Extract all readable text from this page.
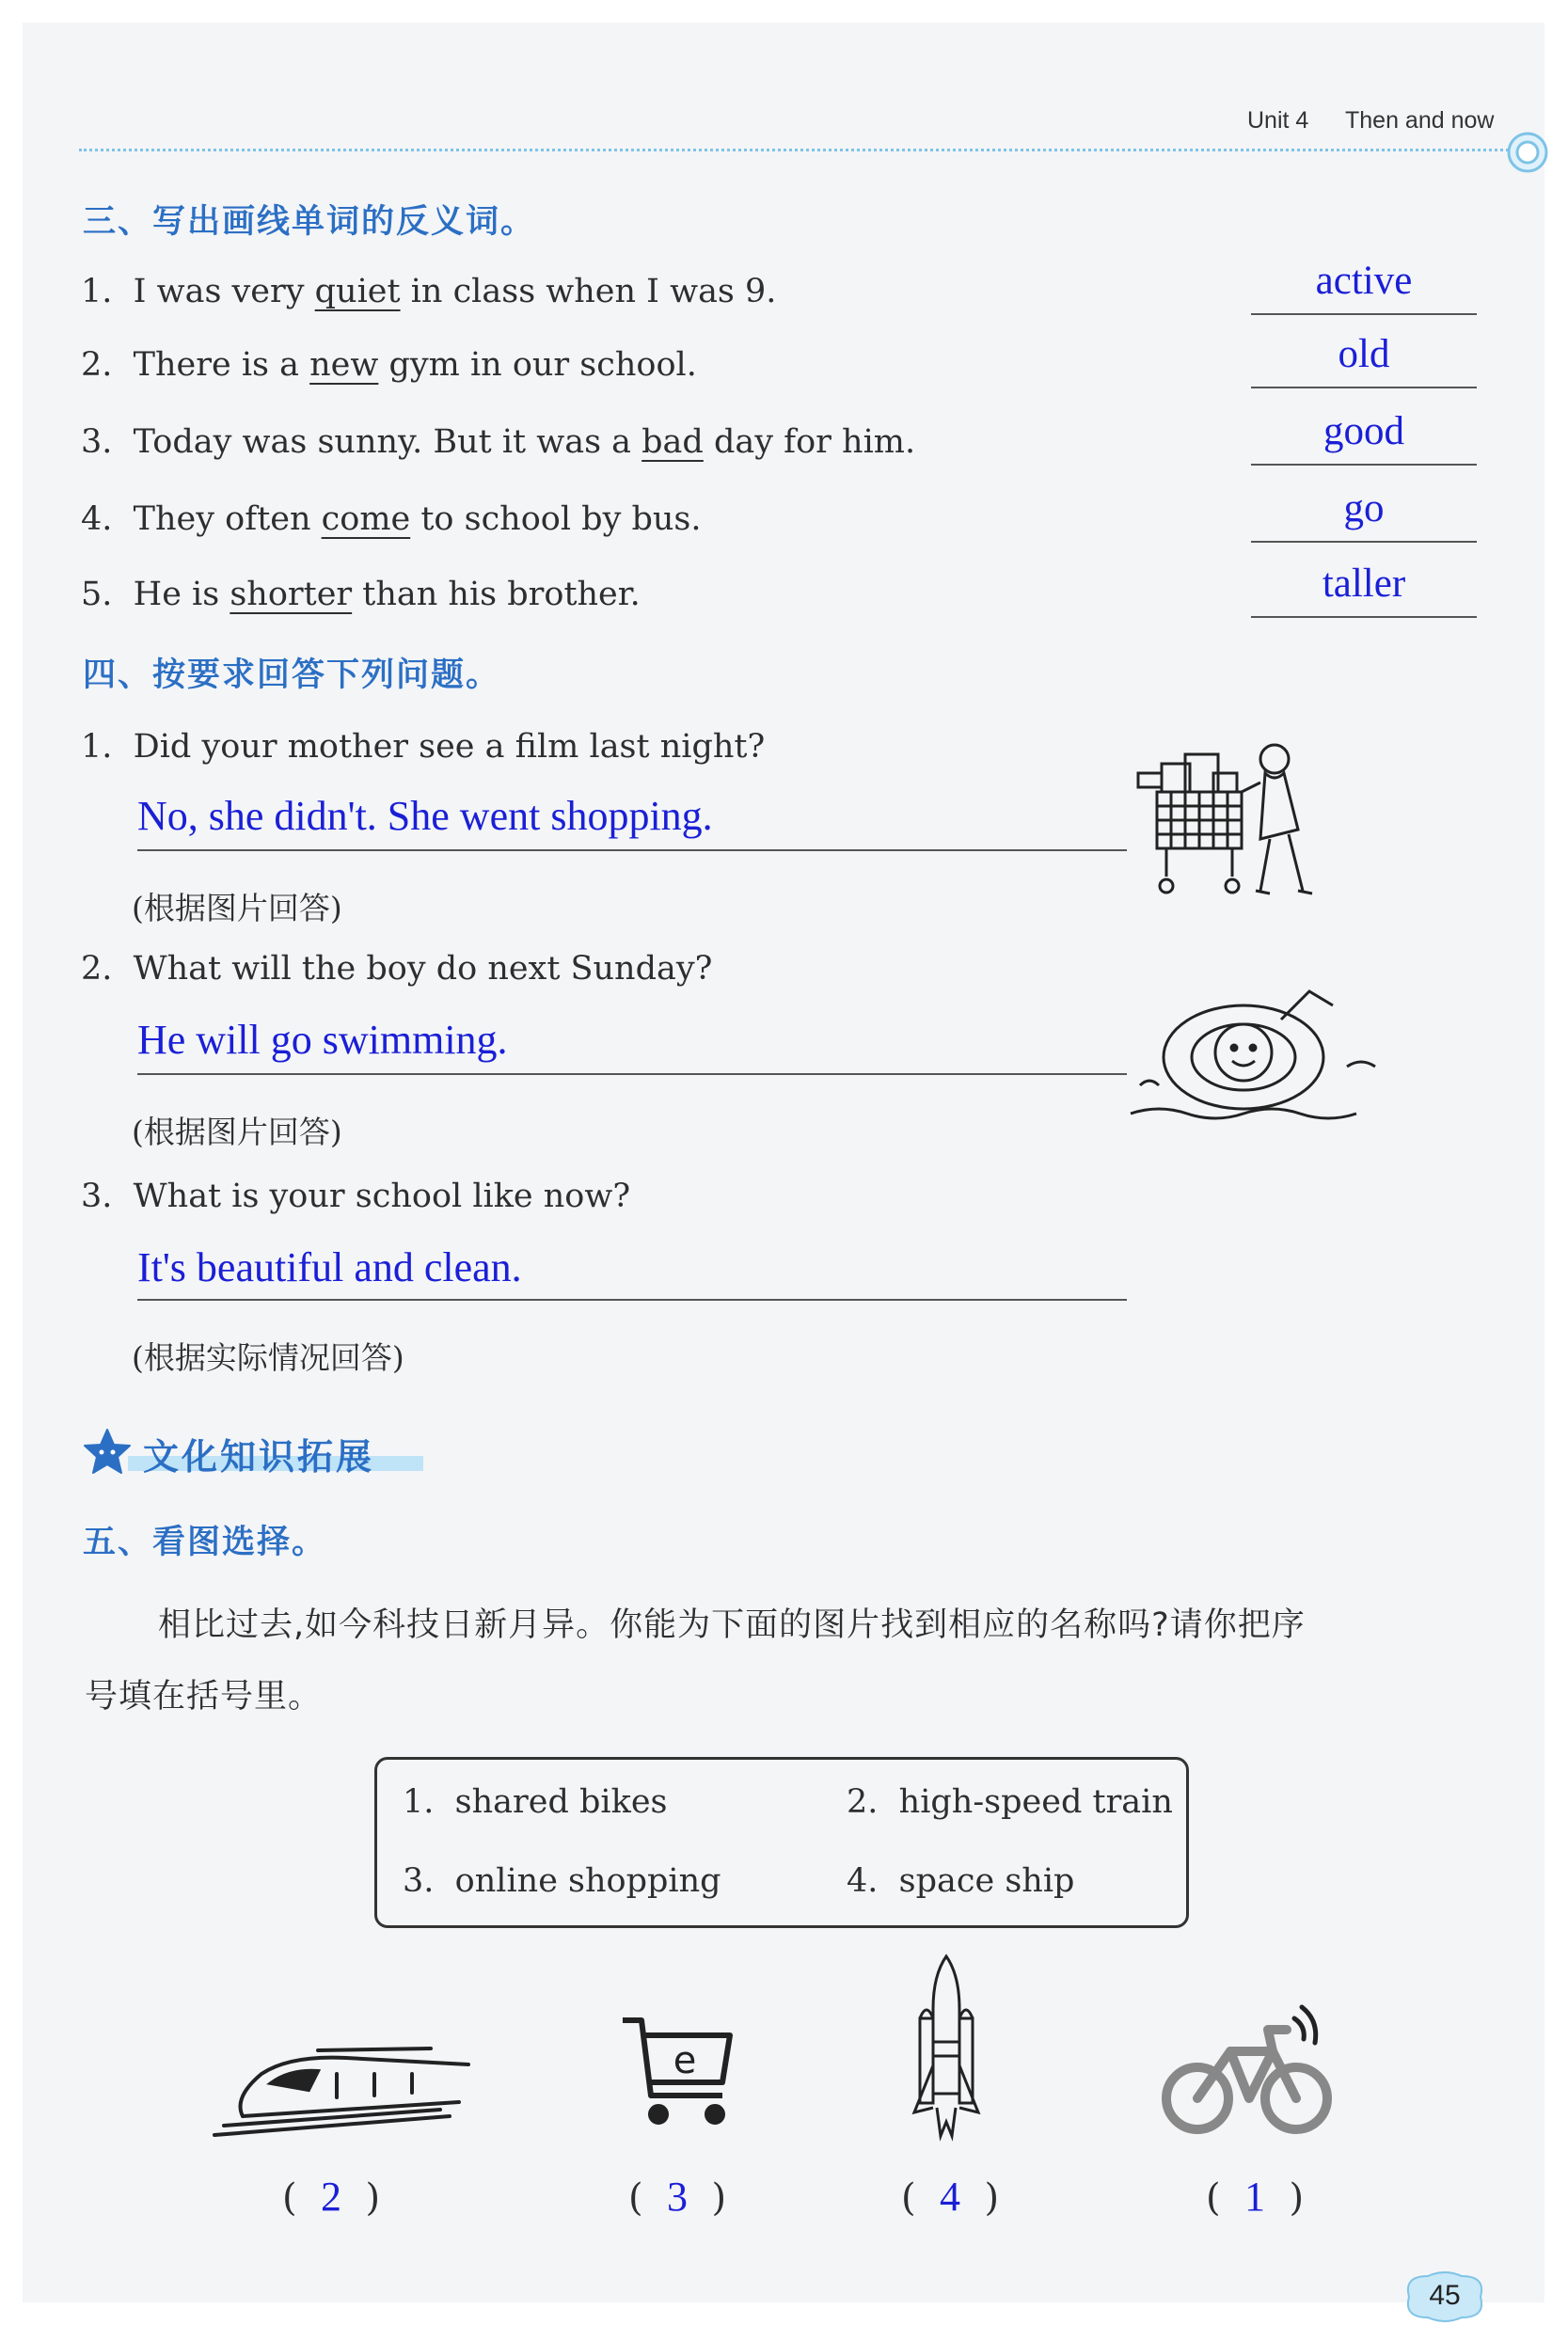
Unit 4 Then and now
三、写出画线单词的反义词。
1. I was very quiet in class when I was 9.	active
2. There is a new gym in our school.	old
3. Today was sunny. But it was a bad day for him.	good
4. They often come to school by bus.	go
5. He is shorter than his brother.	taller
四、按要求回答下列问题。
1. Did your mother see a film last night?
No, she didn't. She went shopping.
(根据图片回答)
2. What will the boy do next Sunday?
He will go swimming.
(根据图片回答)
3. What is your school like now?
It's beautiful and clean.
(根据实际情况回答)
文化知识拓展
五、看图选择。
相比过去,如今科技日新月异。你能为下面的图片找到相应的名称吗?请你把序
号填在括号里。
1. shared bikes	2. high-speed train
3. online shopping	4. space ship
e
(  2  )	(  3  )	(  4  )	(  1  )
45
